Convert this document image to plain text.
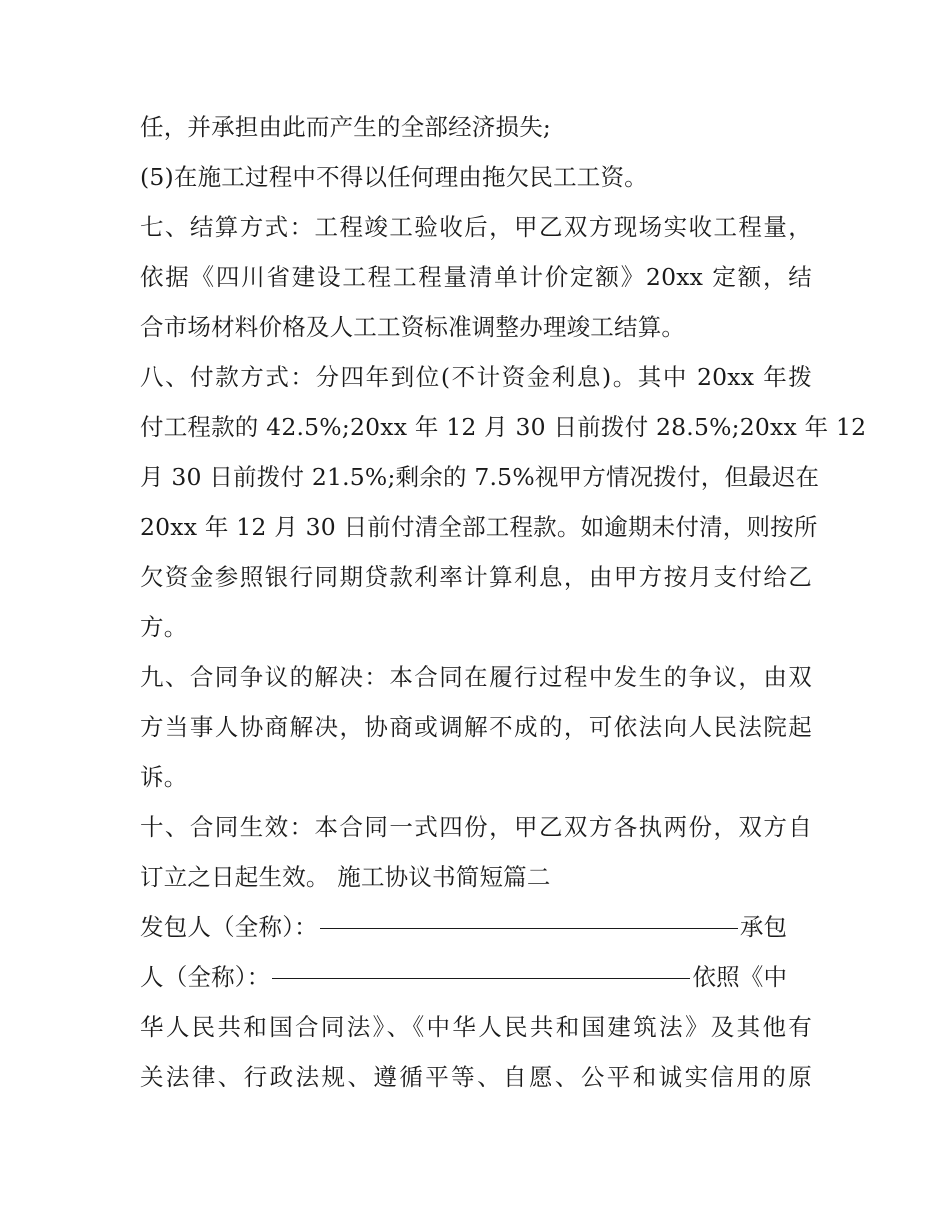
任，并承担由此而产生的全部经济损失;
(5)在施工过程中不得以任何理由拖欠民工工资。
七、结算方式：工程竣工验收后，甲乙双方现场实收工程量，
依据《四川省建设工程工程量清单计价定额》20xx 定额，结
合市场材料价格及人工工资标准调整办理竣工结算。
八、付款方式：分四年到位(不计资金利息)。其中 20xx 年拨
付工程款的 42.5%;20xx 年 12 月 30 日前拨付 28.5%;20xx 年 12
月 30 日前拨付 21.5%;剩余的 7.5%视甲方情况拨付，但最迟在
20xx 年 12 月 30 日前付清全部工程款。如逾期未付清，则按所
欠资金参照银行同期贷款利率计算利息，由甲方按月支付给乙
方。
九、合同争议的解决：本合同在履行过程中发生的争议，由双
方当事人协商解决，协商或调解不成的，可依法向人民法院起
诉。
十、合同生效：本合同一式四份，甲乙双方各执两份，双方自
订立之日起生效。 施工协议书简短篇二
发包人（全称）：	承包
人（全称）：	依照《中
华人民共和国合同法》、《中华人民共和国建筑法》及其他有
关法律、行政法规、遵循平等、自愿、公平和诚实信用的原
